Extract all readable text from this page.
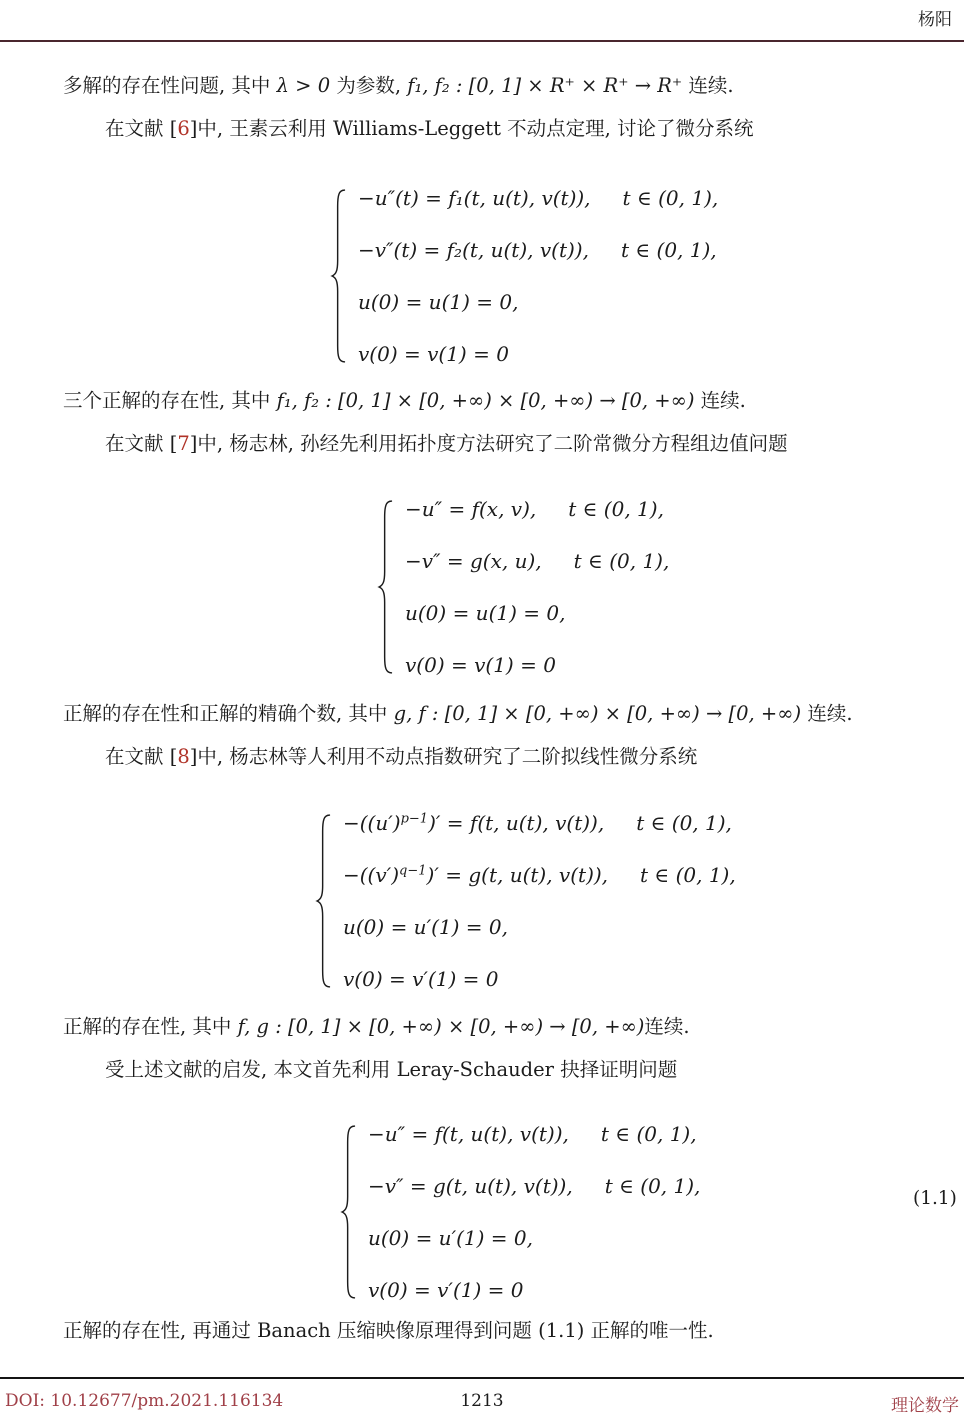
杨阳
多解的存在性问题, 其中 λ > 0 为参数, f₁, f₂ : [0, 1] × R⁺ × R⁺ → R⁺ 连续.
在文献 [6]中, 王素云利用 Williams-Leggett 不动点定理, 讨论了微分系统
−u″(t) = f₁(t, u(t), v(t)), t ∈ (0, 1),
−v″(t) = f₂(t, u(t), v(t)), t ∈ (0, 1),
u(0) = u(1) = 0,
v(0) = v(1) = 0
三个正解的存在性, 其中 f₁, f₂ : [0, 1] × [0, +∞) × [0, +∞) → [0, +∞) 连续.
在文献 [7]中, 杨志林, 孙经先利用拓扑度方法研究了二阶常微分方程组边值问题
−u″ = f(x, v), t ∈ (0, 1),
−v″ = g(x, u), t ∈ (0, 1),
u(0) = u(1) = 0,
v(0) = v(1) = 0
正解的存在性和正解的精确个数, 其中 g, f : [0, 1] × [0, +∞) × [0, +∞) → [0, +∞) 连续.
在文献 [8]中, 杨志林等人利用不动点指数研究了二阶拟线性微分系统
$-((u')^{p-1})' = f(t$, u(t), v(t)), t ∈ (0, 1),
$-((v')^{q-1})' = g(t$, u(t), v(t)), t ∈ (0, 1),
u(0) = u′(1) = 0,
v(0) = v′(1) = 0
正解的存在性, 其中 f, g : [0, 1] × [0, +∞) × [0, +∞) → [0, +∞)连续.
受上述文献的启发, 本文首先利用 Leray-Schauder 抉择证明问题
−u″ = f(t, u(t), v(t)), t ∈ (0, 1),
−v″ = g(t, u(t), v(t)), t ∈ (0, 1),
u(0) = u′(1) = 0,
v(0) = v′(1) = 0
(1.1)
正解的存在性, 再通过 Banach 压缩映像原理得到问题 (1.1) 正解的唯一性.
DOI: 10.12677/pm.2021.116134	1213	理论数学
